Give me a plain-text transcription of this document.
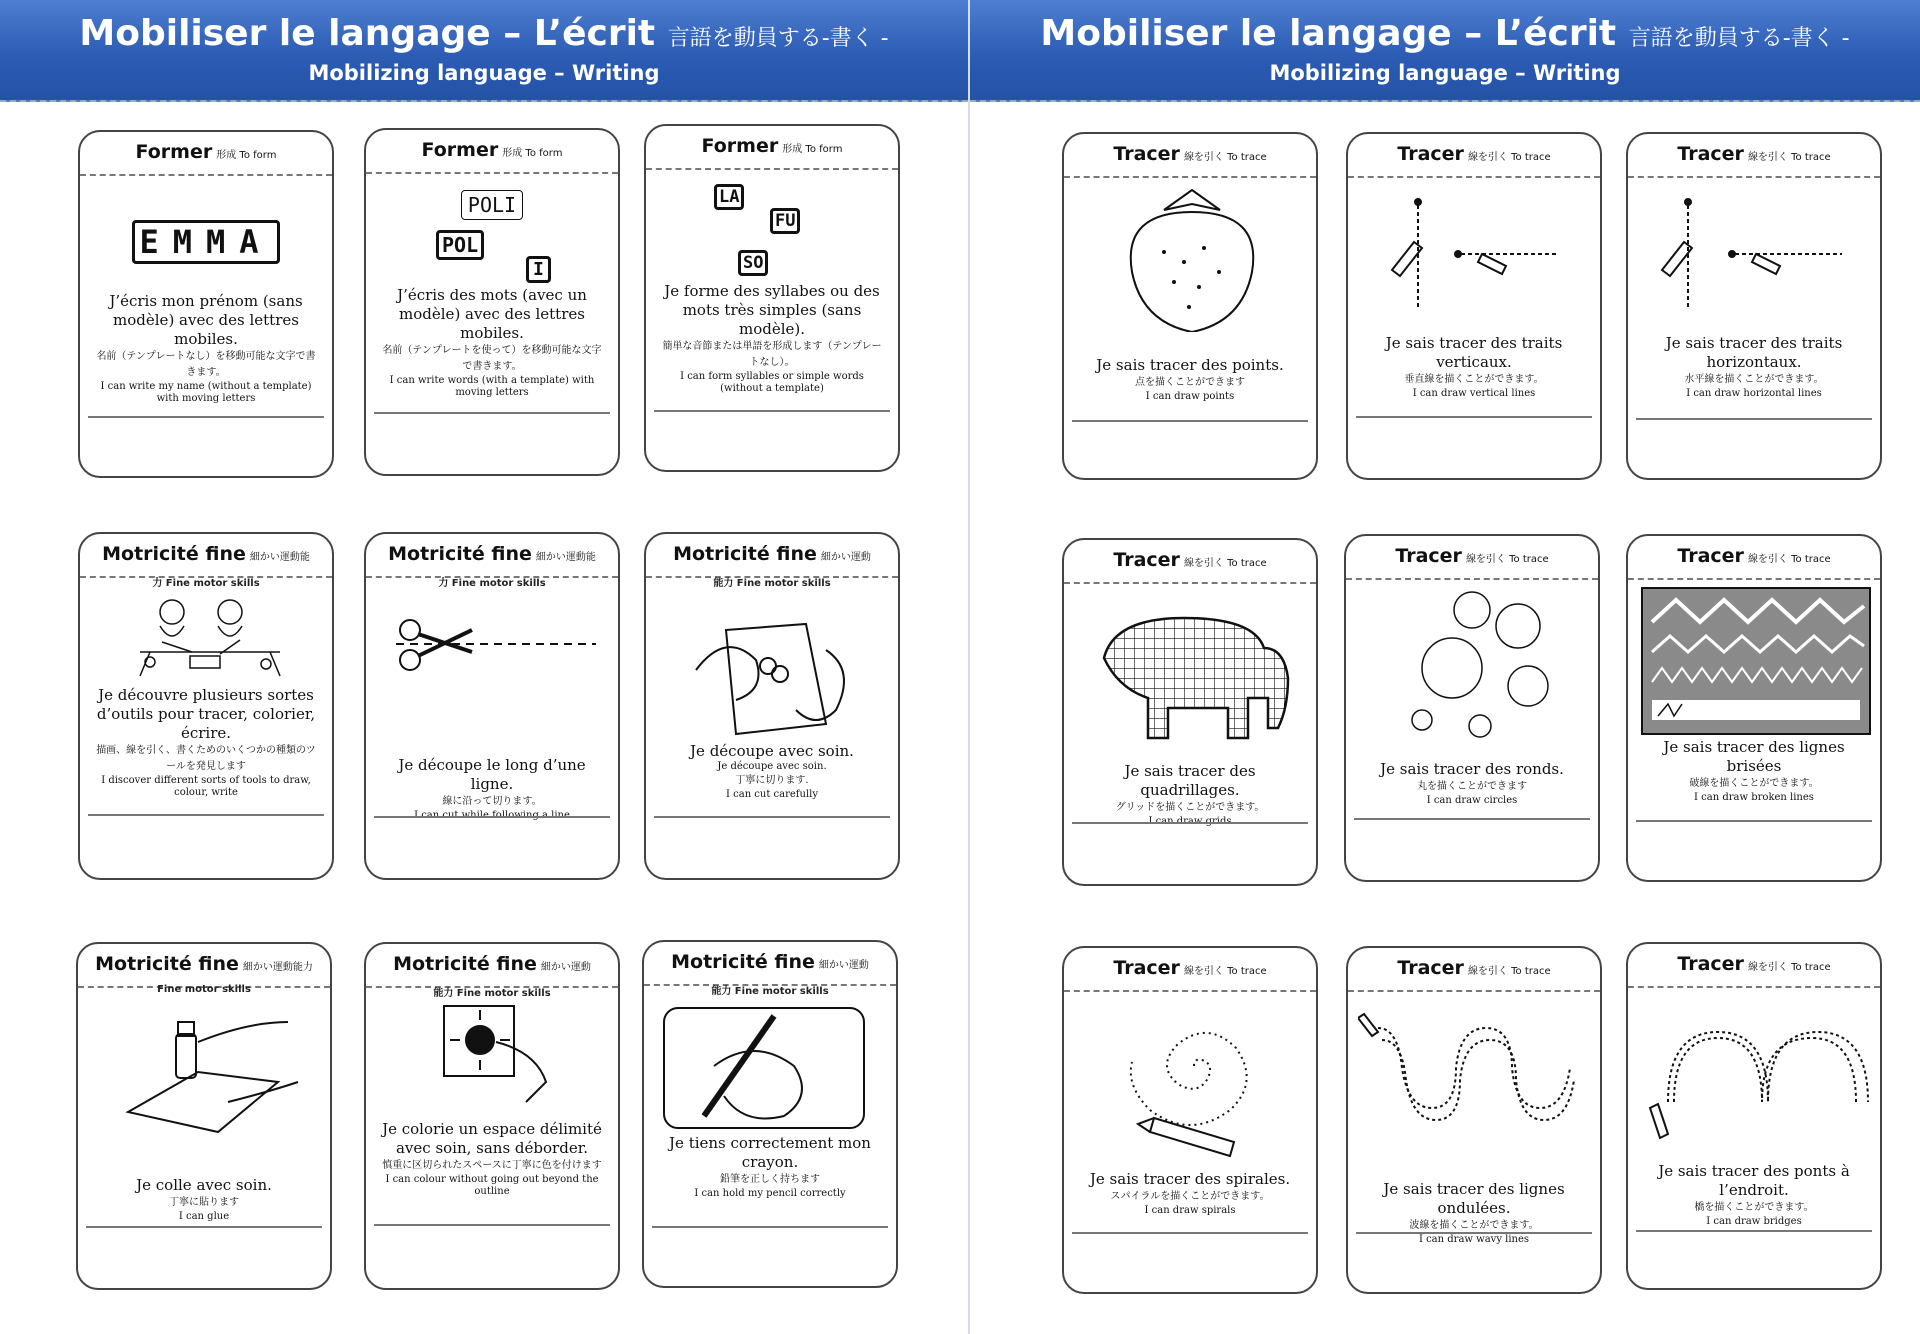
Mobiliser le langage – L’écrit 言語を動員する-書く -
Mobilizing language – Writing
Former 形成 To form
EMMA
J’écris mon prénom (sans modèle) avec des lettres mobiles.
名前（テンプレートなし）を移動可能な文字で書きます。
I can write my name (without a template) with moving letters
Former 形成 To form
POLI
POL
I
J’écris des mots (avec un modèle) avec des lettres mobiles.
名前（テンプレートを使って）を移動可能な文字で書きます。
I can write words (with a template) with moving letters
Former 形成 To form
LA
FU
SO
Je forme des syllabes ou des mots très simples (sans modèle).
簡単な音節または単語を形成します（テンプレートなし）。
I can form syllables or simple words (without a template)
Motricité fine 細かい運動能
力 Fine motor skills
Je découvre plusieurs sortes d’outils pour tracer, colorier, écrire.
描画、線を引く、書くためのいくつかの種類のツールを発見します
I discover different sorts of tools to draw, colour, write
Motricité fine 細かい運動能
力 Fine motor skills
Je découpe le long d’une ligne.
線に沿って切ります。
Motricité fine 細かい運動
能力 Fine motor skills
Je découpe avec soin.
Je découpe avec soin.
丁寧に切ります.
I can cut carefully
Motricité fine 細かい運動能力
Fine motor skills
Je colle avec soin.
丁寧に貼ります
I can glue
Motricité fine 細かい運動
能力 Fine motor skills
Je colorie un espace délimité avec soin, sans déborder.
慎重に区切られたスペースに丁寧に色を付けます
I can colour without going out beyond the outline
Motricité fine 細かい運動
能力 Fine motor skills
Je tiens correctement mon crayon.
鉛筆を正しく持ちます
I can hold my pencil correctly
Mobiliser le langage – L’écrit 言語を動員する-書く -
Mobilizing language – Writing
Tracer 線を引く To trace
Je sais tracer des points.
点を描くことができます
I can draw points
Tracer 線を引く To trace
Je sais tracer des traits verticaux.
垂直線を描くことができます。
I can draw vertical lines
Tracer 線を引く To trace
Je sais tracer des traits horizontaux.
水平線を描くことができます。
I can draw horizontal lines
Tracer 線を引く To trace
Je sais tracer des quadrillages.
グリッドを描くことができます。
Tracer 線を引く To trace
Je sais tracer des ronds.
丸を描くことができます
I can draw circles
Tracer 線を引く To trace
Je sais tracer des lignes brisées
破線を描くことができます。
I can draw broken lines
Tracer 線を引く To trace
Je sais tracer des spirales.
スパイラルを描くことができます。
I can draw spirals
Tracer 線を引く To trace
Je sais tracer des lignes ondulées.
波線を描くことができます。
I can draw wavy lines
Tracer 線を引く To trace
Je sais tracer des ponts à l’endroit.
橋を描くことができます。
I can draw bridges
